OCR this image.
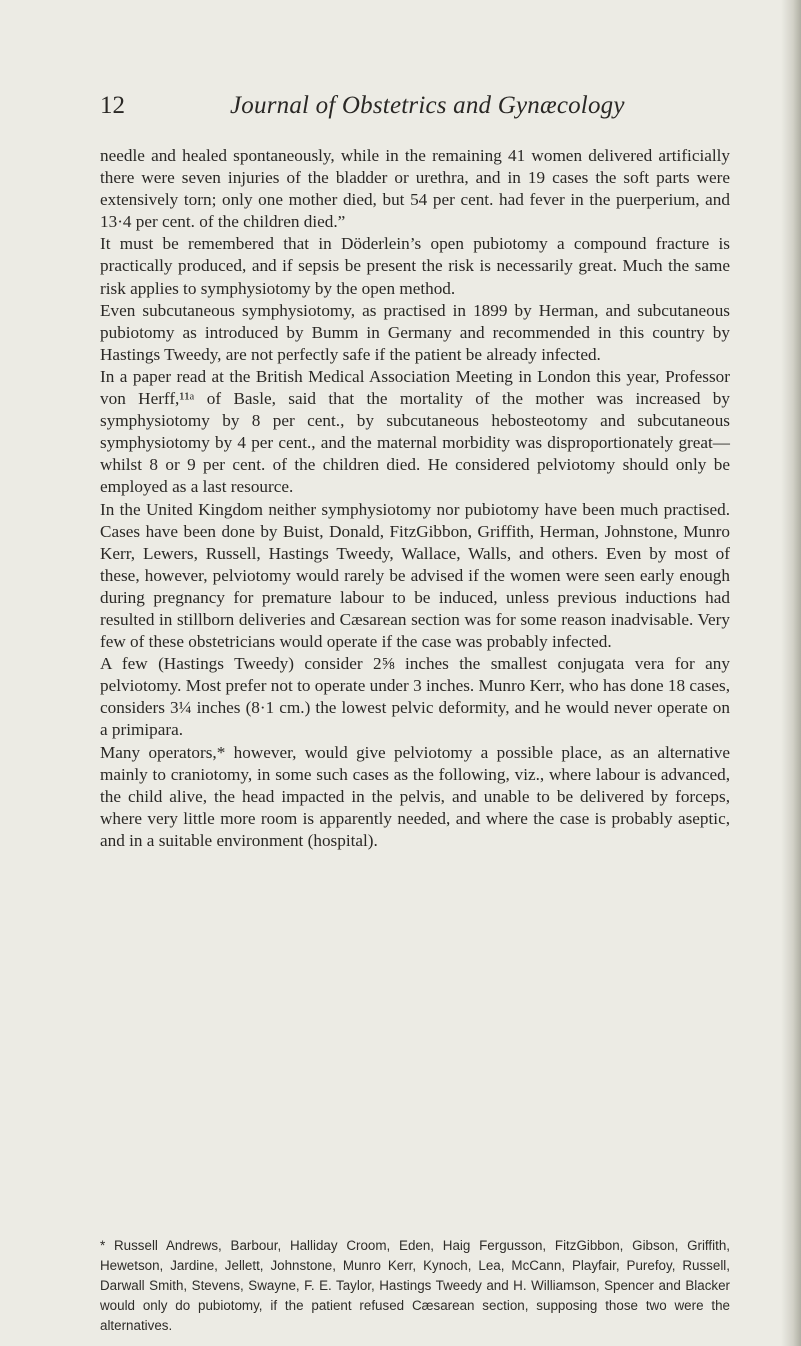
12	Journal of Obstetrics and Gynæcology

needle and healed spontaneously, while in the remaining 41 women delivered artificially there were seven injuries of the bladder or urethra, and in 19 cases the soft parts were extensively torn; only one mother died, but 54 per cent. had fever in the puerperium, and 13·4 per cent. of the children died.”

It must be remembered that in Döderlein’s open pubiotomy a compound fracture is practically produced, and if sepsis be present the risk is necessarily great. Much the same risk applies to symphysiotomy by the open method.

Even subcutaneous symphysiotomy, as practised in 1899 by Herman, and subcutaneous pubiotomy as introduced by Bumm in Germany and recommended in this country by Hastings Tweedy, are not perfectly safe if the patient be already infected.

In a paper read at the British Medical Association Meeting in London this year, Professor von Herff,¹¹ᵃ of Basle, said that the mortality of the mother was increased by symphysiotomy by 8 per cent., by subcutaneous hebosteotomy and subcutaneous symphysiotomy by 4 per cent., and the maternal morbidity was disproportionately great—whilst 8 or 9 per cent. of the children died. He considered pelviotomy should only be employed as a last resource.

In the United Kingdom neither symphysiotomy nor pubiotomy have been much practised. Cases have been done by Buist, Donald, FitzGibbon, Griffith, Herman, Johnstone, Munro Kerr, Lewers, Russell, Hastings Tweedy, Wallace, Walls, and others. Even by most of these, however, pelviotomy would rarely be advised if the women were seen early enough during pregnancy for premature labour to be induced, unless previous inductions had resulted in stillborn deliveries and Cæsarean section was for some reason inadvisable. Very few of these obstetricians would operate if the case was probably infected.

A few (Hastings Tweedy) consider 2⅝ inches the smallest conjugata vera for any pelviotomy. Most prefer not to operate under 3 inches. Munro Kerr, who has done 18 cases, considers 3¼ inches (8·1 cm.) the lowest pelvic deformity, and he would never operate on a primipara.

Many operators,* however, would give pelviotomy a possible place, as an alternative mainly to craniotomy, in some such cases as the following, viz., where labour is advanced, the child alive, the head impacted in the pelvis, and unable to be delivered by forceps, where very little more room is apparently needed, and where the case is probably aseptic, and in a suitable environment (hospital).

* Russell Andrews, Barbour, Halliday Croom, Eden, Haig Fergusson, FitzGibbon, Gibson, Griffith, Hewetson, Jardine, Jellett, Johnstone, Munro Kerr, Kynoch, Lea, McCann, Playfair, Purefoy, Russell, Darwall Smith, Stevens, Swayne, F. E. Taylor, Hastings Tweedy and H. Williamson, Spencer and Blacker would only do pubiotomy, if the patient refused Cæsarean section, supposing those two were the alternatives.
